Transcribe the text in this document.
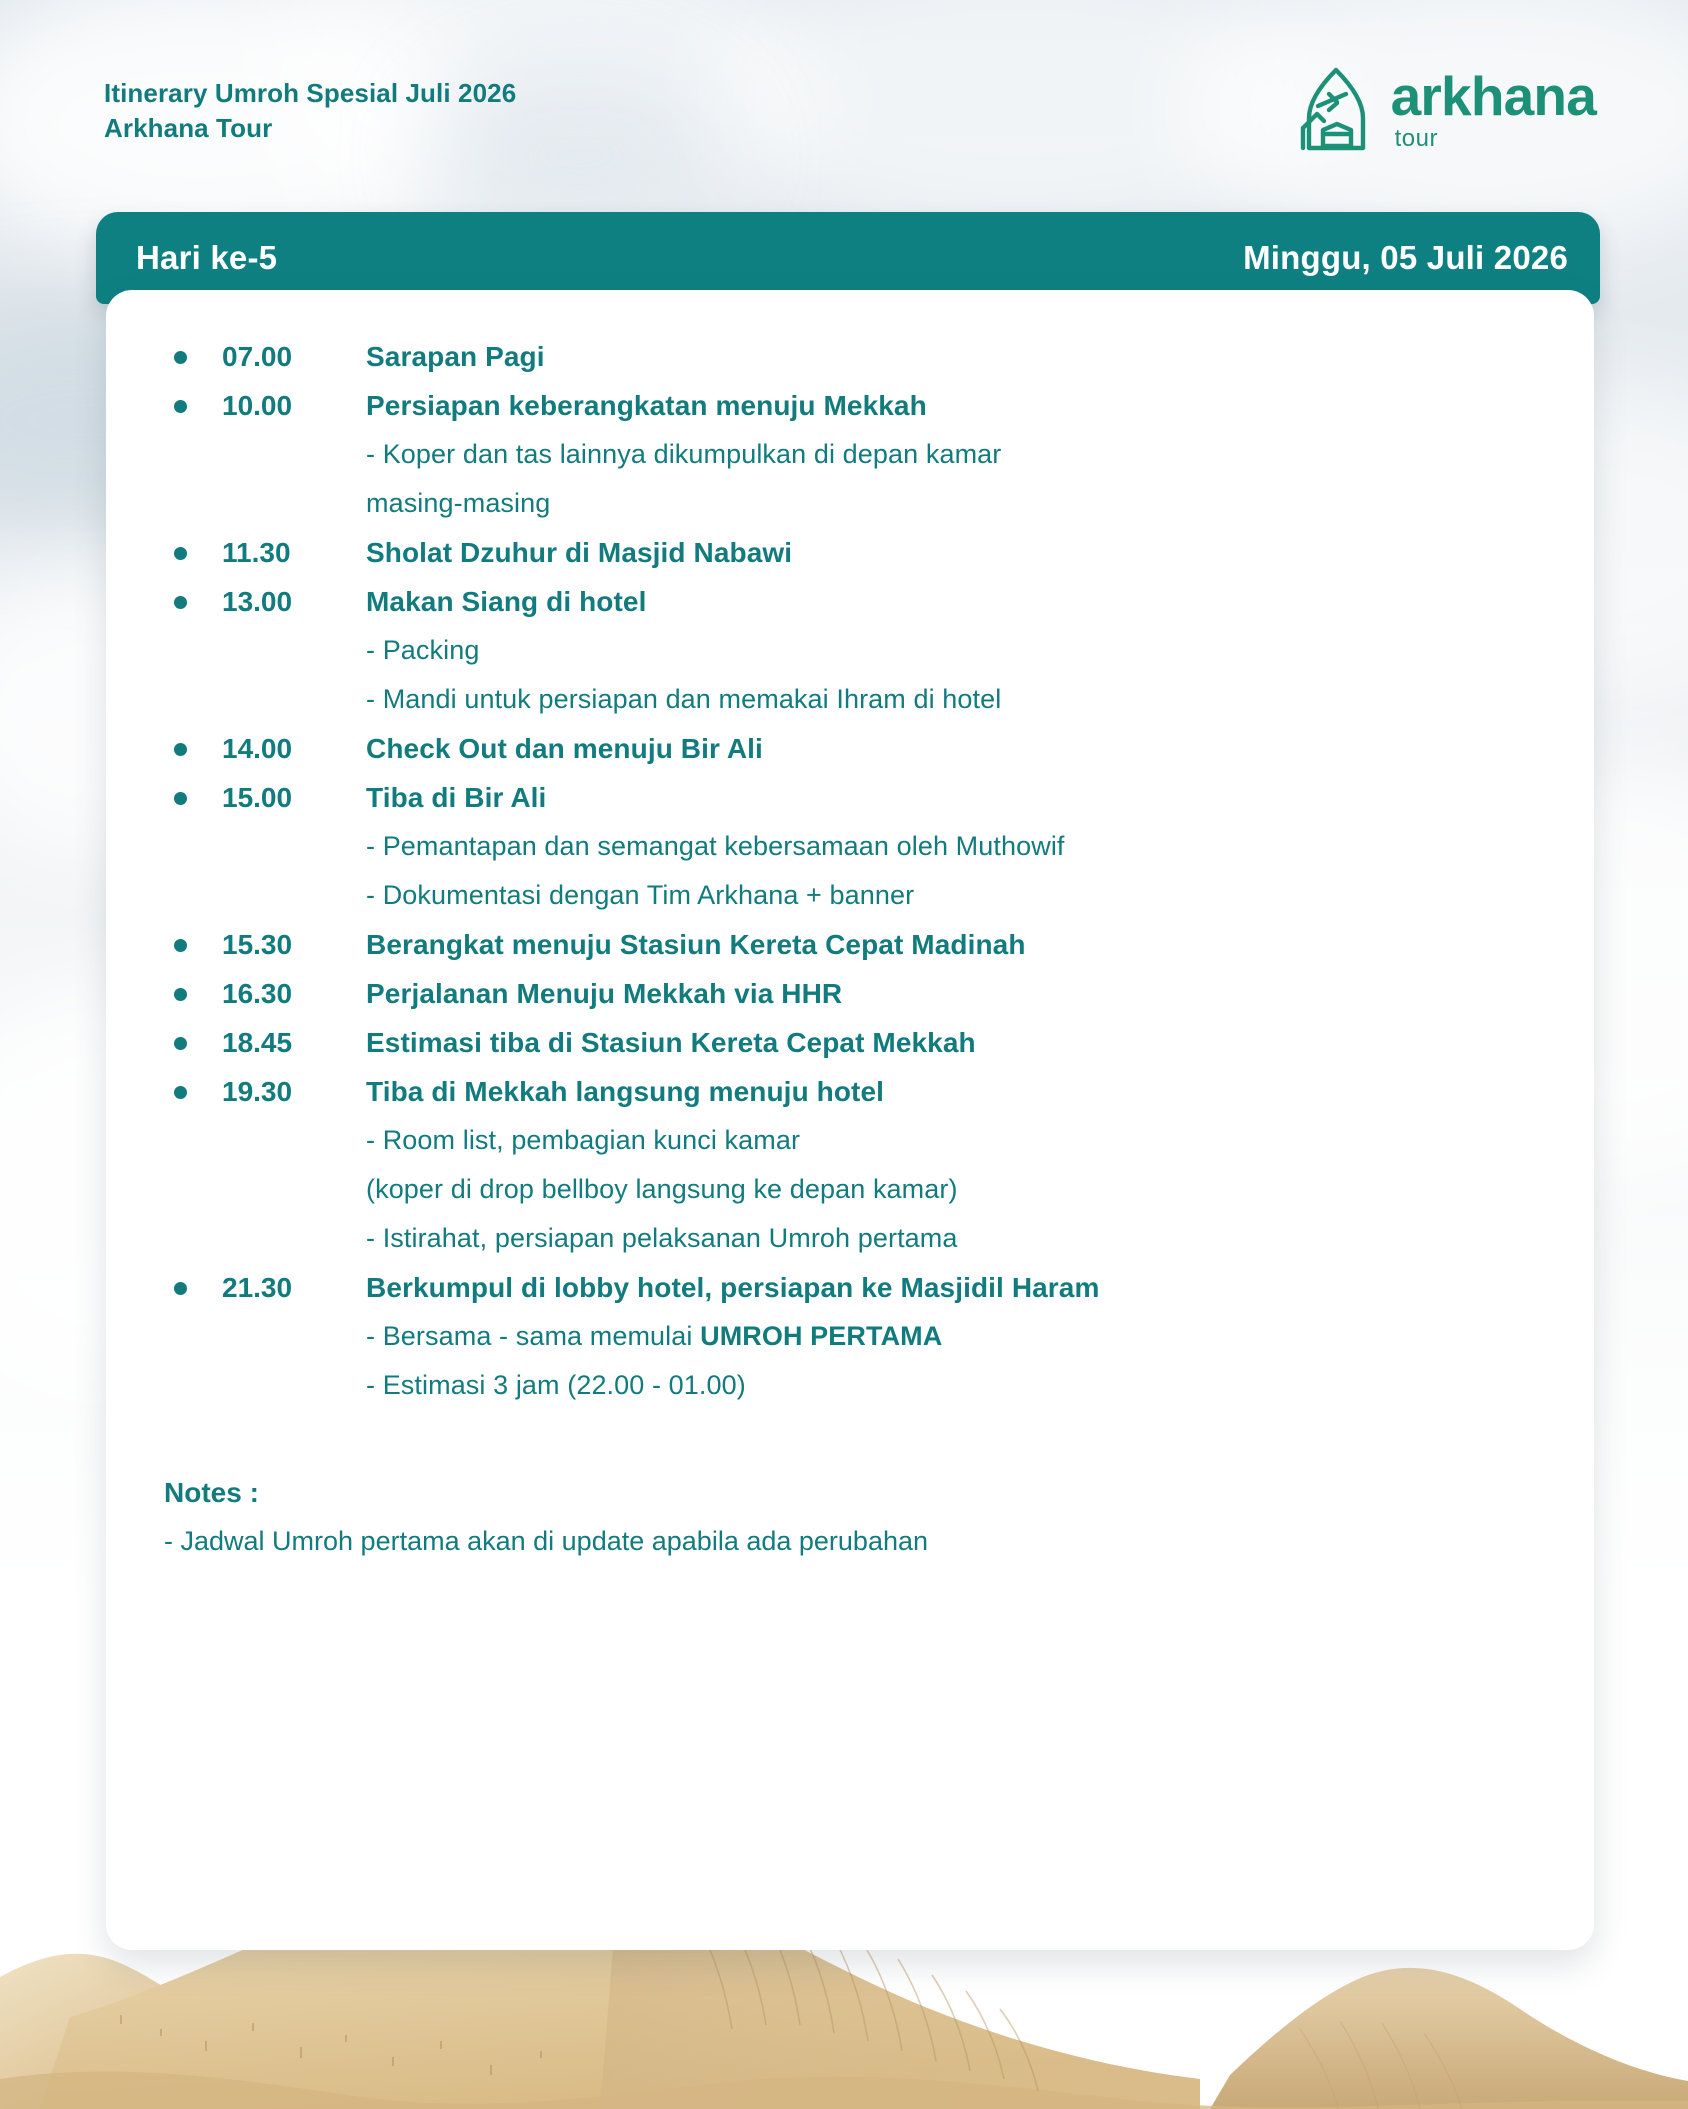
Itinerary Umroh Spesial Juli 2026
Arkhana Tour
arkhana
tour
Hari ke-5	Minggu, 05 Juli 2026
07.00	Sarapan Pagi
10.00	Persiapan keberangkatan menuju Mekkah
- Koper dan tas lainnya dikumpulkan di depan kamar
masing-masing
11.30	Sholat Dzuhur di Masjid Nabawi
13.00	Makan Siang di hotel
- Packing
- Mandi untuk persiapan dan memakai Ihram di hotel
14.00	Check Out dan menuju Bir Ali
15.00	Tiba di Bir Ali
- Pemantapan dan semangat kebersamaan oleh Muthowif
- Dokumentasi dengan Tim Arkhana + banner
15.30	Berangkat menuju Stasiun Kereta Cepat Madinah
16.30	Perjalanan Menuju Mekkah via HHR
18.45	Estimasi tiba di Stasiun Kereta Cepat Mekkah
19.30	Tiba di Mekkah langsung menuju hotel
- Room list, pembagian kunci kamar
(koper di drop bellboy langsung ke depan kamar)
- Istirahat, persiapan pelaksanan Umroh pertama
21.30	Berkumpul di lobby hotel, persiapan ke Masjidil Haram
- Bersama - sama memulai UMROH PERTAMA
- Estimasi 3 jam (22.00 - 01.00)
Notes :
- Jadwal Umroh pertama akan di update apabila ada perubahan
